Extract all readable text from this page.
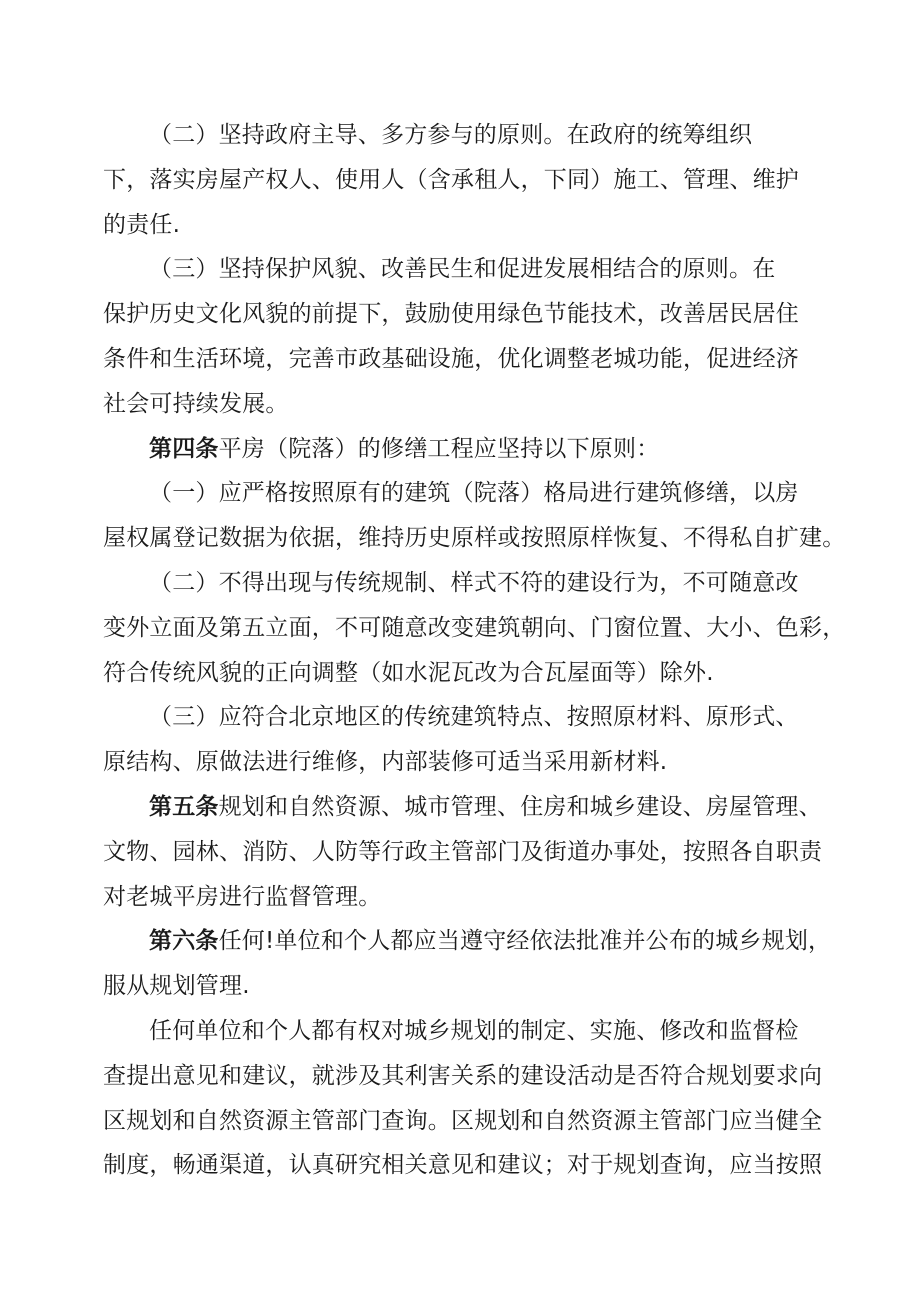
（二）坚持政府主导、多方参与的原则。在政府的统筹组织
下，落实房屋产权人、使用人（含承租人，下同）施工、管理、维护
的责任.
（三）坚持保护风貌、改善民生和促进发展相结合的原则。在
保护历史文化风貌的前提下，鼓励使用绿色节能技术，改善居民居住
条件和生活环境，完善市政基础设施，优化调整老城功能，促进经济
社会可持续发展。
第四条平房（院落）的修缮工程应坚持以下原则：
（一）应严格按照原有的建筑（院落）格局进行建筑修缮，以房
屋权属登记数据为依据，维持历史原样或按照原样恢复、不得私自扩建。
（二）不得出现与传统规制、样式不符的建设行为，不可随意改
变外立面及第五立面，不可随意改变建筑朝向、门窗位置、大小、色彩，
符合传统风貌的正向调整（如水泥瓦改为合瓦屋面等）除外.
（三）应符合北京地区的传统建筑特点、按照原材料、原形式、
原结构、原做法进行维修，内部装修可适当采用新材料.
第五条规划和自然资源、城市管理、住房和城乡建设、房屋管理、
文物、园林、消防、人防等行政主管部门及街道办事处，按照各自职责
对老城平房进行监督管理。
第六条任何!单位和个人都应当遵守经依法批准并公布的城乡规划，
服从规划管理.
任何单位和个人都有权对城乡规划的制定、实施、修改和监督检
查提出意见和建议，就涉及其利害关系的建设活动是否符合规划要求向
区规划和自然资源主管部门查询。区规划和自然资源主管部门应当健全
制度，畅通渠道，认真研究相关意见和建议；对于规划查询，应当按照
